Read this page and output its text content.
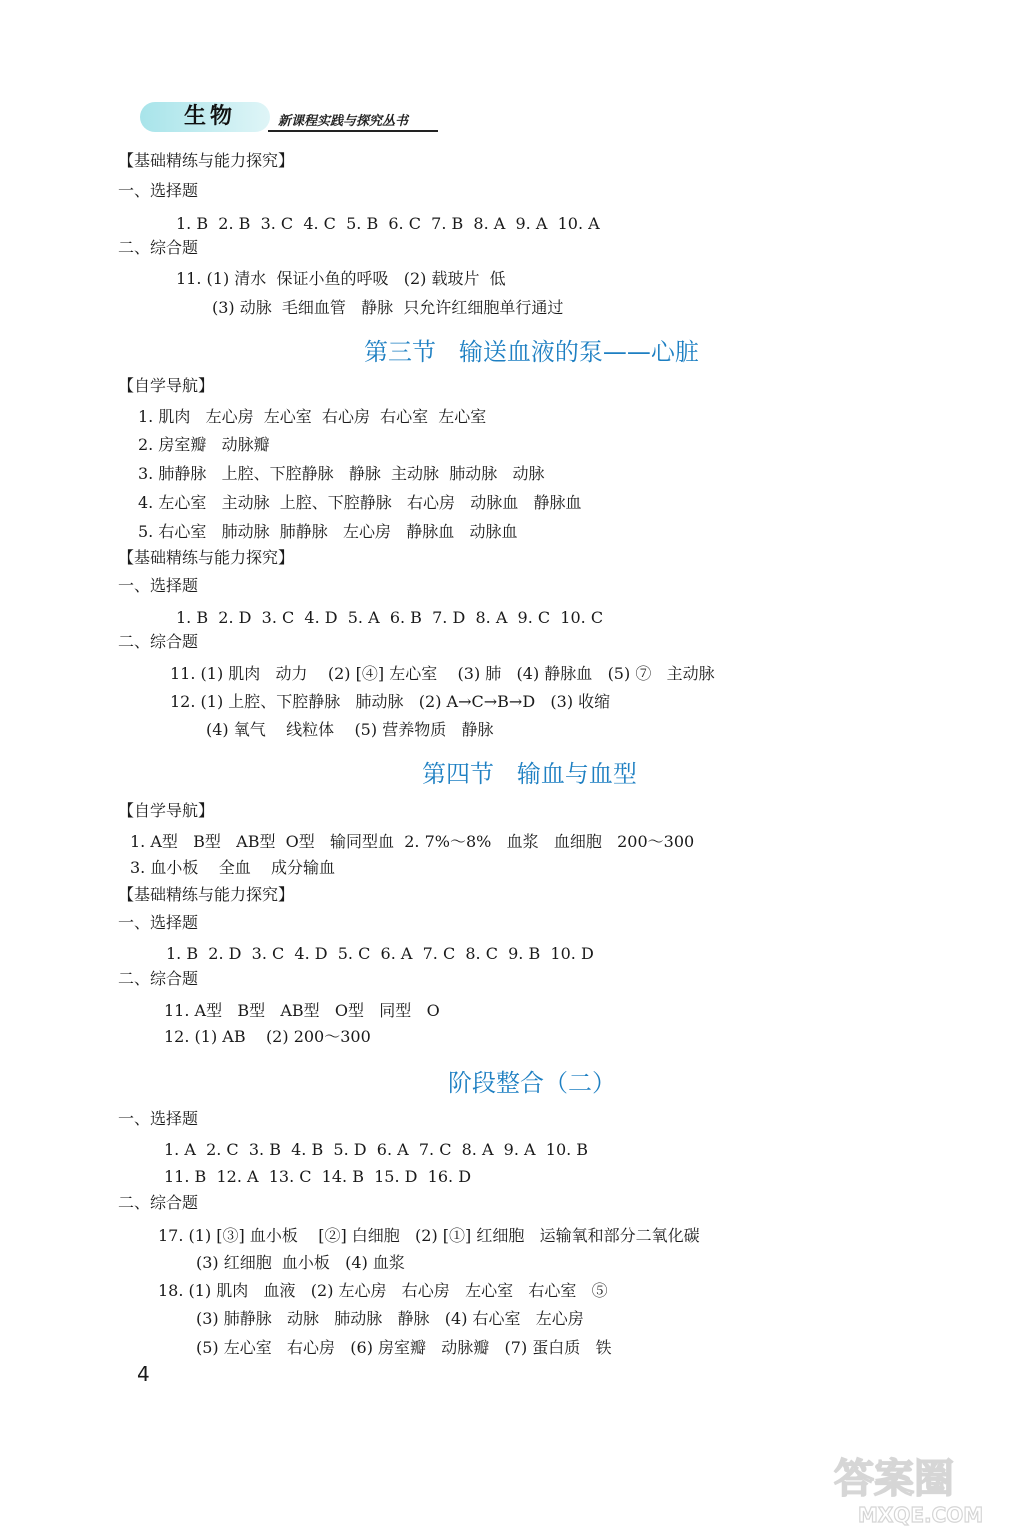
生物	新课程实践与探究丛书
【基础精练与能力探究】
一、选择题
1. B  2. B  3. C  4. C  5. B  6. C  7. B  8. A  9. A  10. A
二、综合题
11. (1) 清水  保证小鱼的呼吸   (2) 载玻片  低
(3) 动脉  毛细血管   静脉  只允许红细胞单行通过
【自学导航】
1. 肌肉   左心房  左心室  右心房  右心室  左心室
2. 房室瓣   动脉瓣
3. 肺静脉   上腔、下腔静脉   静脉  主动脉  肺动脉   动脉
4. 左心室   主动脉  上腔、下腔静脉   右心房   动脉血   静脉血
5. 右心室   肺动脉  肺静脉   左心房   静脉血   动脉血
【基础精练与能力探究】
一、选择题
1. B  2. D  3. C  4. D  5. A  6. B  7. D  8. A  9. C  10. C
二、综合题
11. (1) 肌肉   动力    (2) [④] 左心室    (3) 肺   (4) 静脉血   (5) ⑦   主动脉
12. (1) 上腔、下腔静脉   肺动脉   (2) A→C→B→D   (3) 收缩
(4) 氧气    线粒体    (5) 营养物质   静脉
【自学导航】
1. A型   B型   AB型  O型   输同型血  2. 7%～8%   血浆   血细胞   200～300
3. 血小板    全血    成分输血
【基础精练与能力探究】
一、选择题
1. B  2. D  3. C  4. D  5. C  6. A  7. C  8. C  9. B  10. D
二、综合题
11. A型   B型   AB型   O型   同型   O
12. (1) AB    (2) 200～300
一、选择题
1. A  2. C  3. B  4. B  5. D  6. A  7. C  8. A  9. A  10. B
11. B  12. A  13. C  14. B  15. D  16. D
二、综合题
17. (1) [③] 血小板    [②] 白细胞   (2) [①] 红细胞   运输氧和部分二氧化碳
(3) 红细胞  血小板   (4) 血浆
18. (1) 肌肉   血液   (2) 左心房   右心房   左心室   右心室   ⑤
(3) 肺静脉   动脉   肺动脉   静脉   (4) 右心室   左心房
(5) 左心室   右心房   (6) 房室瓣   动脉瓣   (7) 蛋白质   铁
第三节   输送血液的泵——心脏
第四节   输血与血型
阶段整合（二）
4
答案圈
MXQE.COM
